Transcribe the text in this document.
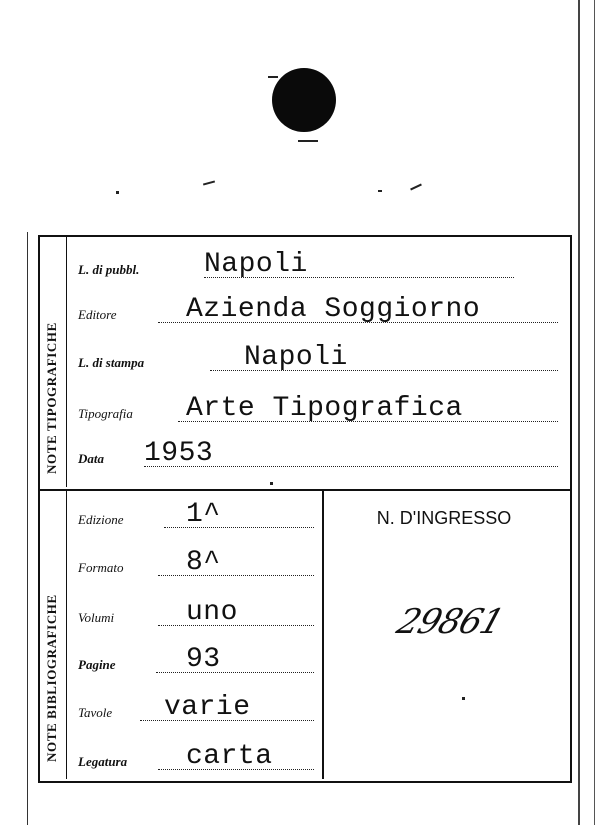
NOTE TIPOGRAFICHE
NOTE BIBLIOGRAFICHE
L. di pubbl. Napoli
Editore Azienda Soggiorno
L. di stampa	Napoli
Tipografia Arte Tipografica
Data 1953
Edizione 1^
Formato 8^
Volumi	uno
Pagine	93
Tavole varie
Legatura carta
N. D'INGRESSO
29861
